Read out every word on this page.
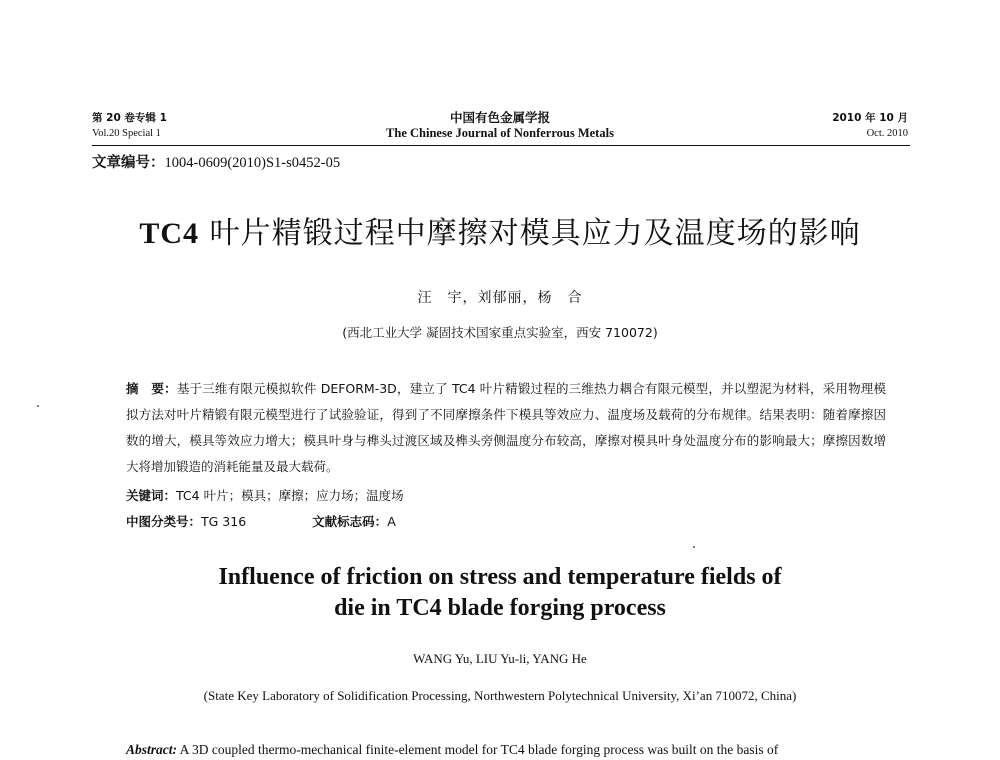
第 20 卷专辑 1
Vol.20 Special 1
中国有色金属学报
The Chinese Journal of Nonferrous Metals
2010 年 10 月
Oct. 2010
文章编号：1004-0609(2010)S1-s0452-05
TC4 叶片精锻过程中摩擦对模具应力及温度场的影响
汪　宇，刘郁丽，杨　合
(西北工业大学 凝固技术国家重点实验室，西安 710072)
摘　要：基于三维有限元模拟软件 DEFORM-3D，建立了 TC4 叶片精锻过程的三维热力耦合有限元模型，并以塑泥为材料，采用物理模拟方法对叶片精锻有限元模型进行了试验验证，得到了不同摩擦条件下模具等效应力、温度场及载荷的分布规律。结果表明：随着摩擦因数的增大，模具等效应力增大；模具叶身与榫头过渡区域及榫头旁侧温度分布较高，摩擦对模具叶身处温度分布的影响最大；摩擦因数增大将增加锻造的消耗能量及最大载荷。
关键词：TC4 叶片；模具；摩擦；应力场；温度场
中图分类号：TG 316	文献标志码：A
Influence of friction on stress and temperature fields of
die in TC4 blade forging process
WANG Yu, LIU Yu-li, YANG He
(State Key Laboratory of Solidification Processing, Northwestern Polytechnical University, Xi’an 710072, China)
Abstract: A 3D coupled thermo-mechanical finite-element model for TC4 blade forging process was built on the basis of
